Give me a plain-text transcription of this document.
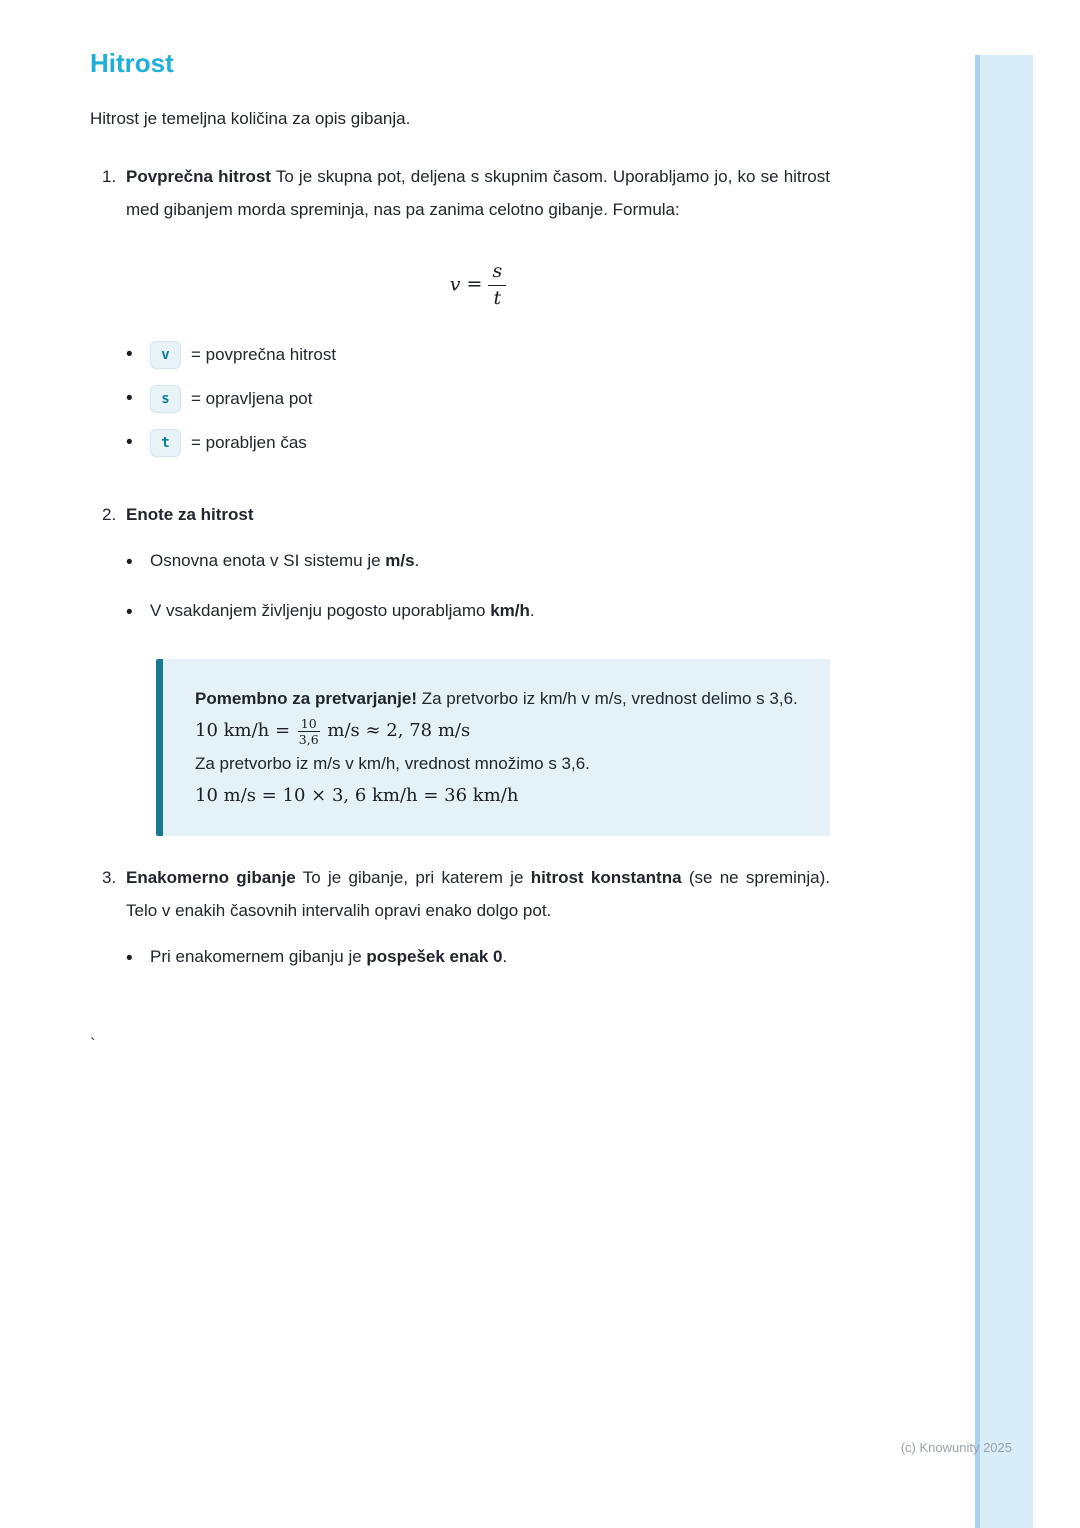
Hitrost

Hitrost je temeljna količina za opis gibanja.

1. Povprečna hitrost To je skupna pot, deljena s skupnim časom. Uporabljamo jo, ko se hitrost med gibanjem morda spreminja, nas pa zanima celotno gibanje. Formula:

$v = \frac{s}{t}$
•	v	= povprečna hitrost
•	s	= opravljena pot
•	t	= porabljen čas
2. Enote za hitrost

•	Osnovna enota v SI sistemu je m/s.
•	V vsakdanjem življenju pogosto uporabljamo km/h.

Pomembno za pretvarjanje! Za pretvorbo iz km/h v m/s, vrednost delimo s 3,6.

10 $km/h = \frac{10}{3,6} m/s \approx 2$, 78 m/s

Za pretvorbo iz m/s v km/h, vrednost množimo s 3,6.

10 m/s = 10 × 3, 6 km/h = 36 km/h

3. Enakomerno gibanje To je gibanje, pri katerem je hitrost konstantna (se ne spreminja). Telo v enakih časovnih intervalih opravi enako dolgo pot.

•	Pri enakomernem gibanju je pospešek enak 0.

`

(c) Knowunity 2025
